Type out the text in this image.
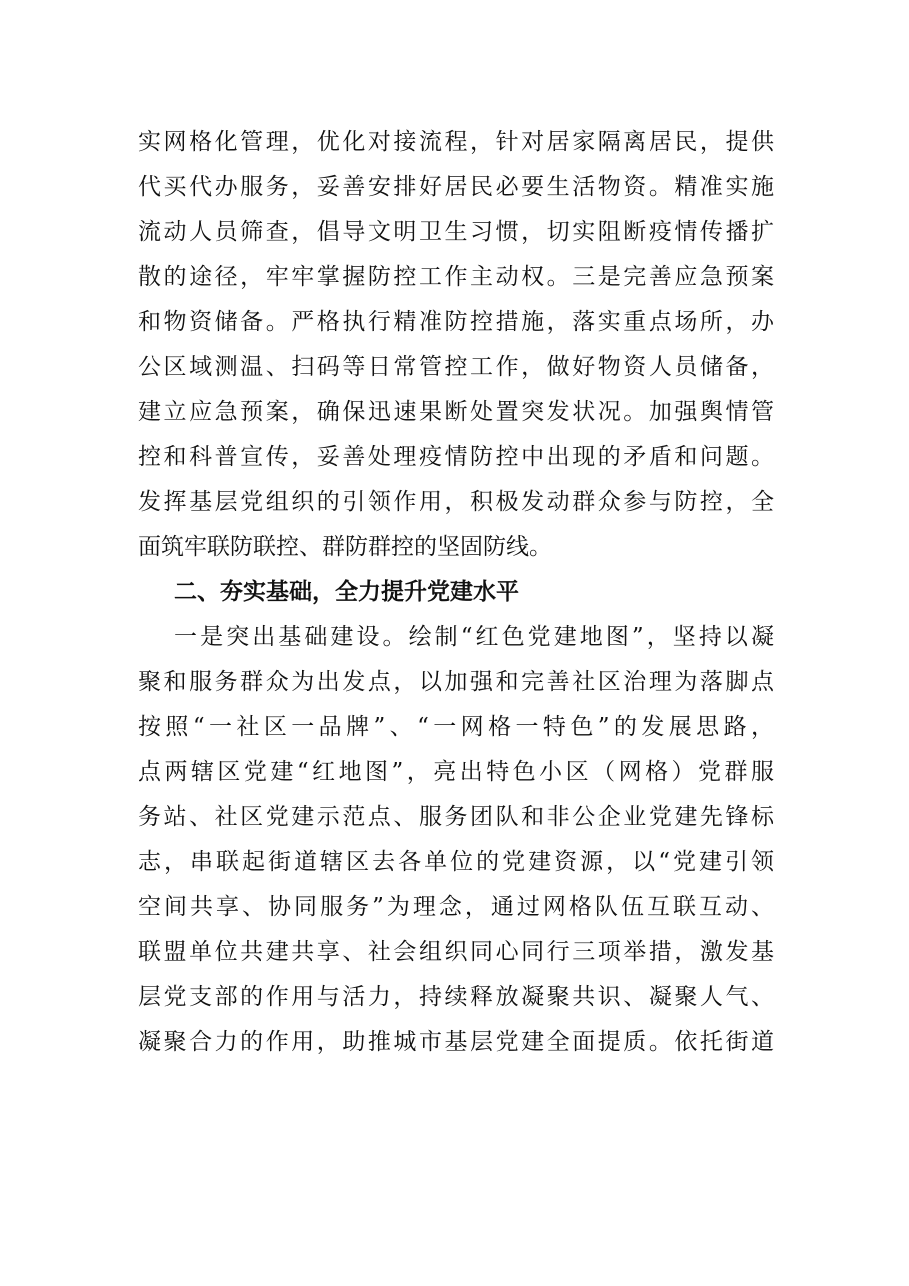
实网格化管理，优化对接流程，针对居家隔离居民，提供
代买代办服务，妥善安排好居民必要生活物资。精准实施
流动人员筛查，倡导文明卫生习惯，切实阻断疫情传播扩
散的途径，牢牢掌握防控工作主动权。三是完善应急预案
和物资储备。严格执行精准防控措施，落实重点场所，办
公区域测温、扫码等日常管控工作，做好物资人员储备，
建立应急预案，确保迅速果断处置突发状况。加强舆情管
控和科普宣传，妥善处理疫情防控中出现的矛盾和问题。
发挥基层党组织的引领作用，积极发动群众参与防控，全
面筑牢联防联控、群防群控的坚固防线。
二、夯实基础，全力提升党建水平
一是突出基础建设。绘制“红色党建地图”，坚持以凝
聚和服务群众为出发点，以加强和完善社区治理为落脚点
按照“一社区一品牌”、“一网格一特色”的发展思路，
点两辖区党建“红地图”，亮出特色小区（网格）党群服
务站、社区党建示范点、服务团队和非公企业党建先锋标
志，串联起街道辖区去各单位的党建资源，以“党建引领
空间共享、协同服务”为理念，通过网格队伍互联互动、
联盟单位共建共享、社会组织同心同行三项举措，激发基
层党支部的作用与活力，持续释放凝聚共识、凝聚人气、
凝聚合力的作用，助推城市基层党建全面提质。依托街道
